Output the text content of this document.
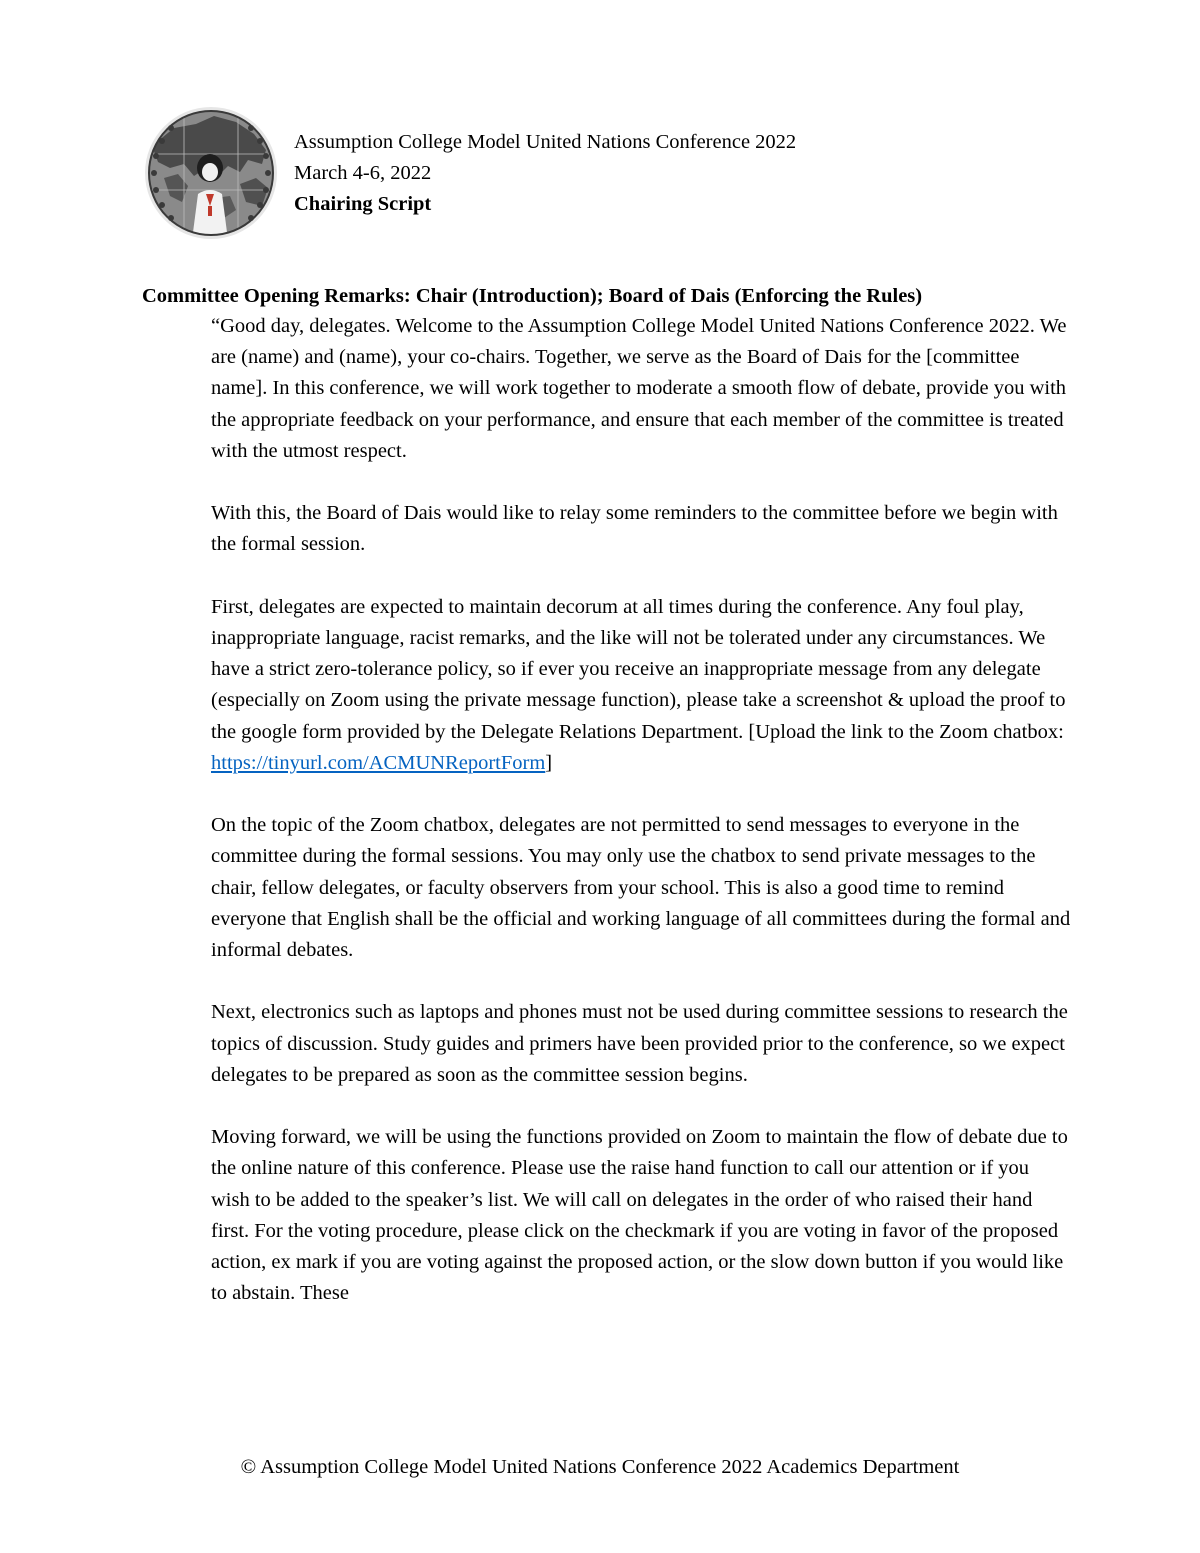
Assumption College Model United Nations Conference 2022
March 4-6, 2022
Chairing Script
Committee Opening Remarks: Chair (Introduction); Board of Dais (Enforcing the Rules)

“Good day, delegates. Welcome to the Assumption College Model United Nations Conference 2022. We are (name) and (name), your co-chairs. Together, we serve as the Board of Dais for the [committee name]. In this conference, we will work together to moderate a smooth flow of debate, provide you with the appropriate feedback on your performance, and ensure that each member of the committee is treated with the utmost respect.

With this, the Board of Dais would like to relay some reminders to the committee before we begin with the formal session.

First, delegates are expected to maintain decorum at all times during the conference. Any foul play, inappropriate language, racist remarks, and the like will not be tolerated under any circumstances. We have a strict zero-tolerance policy, so if ever you receive an inappropriate message from any delegate (especially on Zoom using the private message function), please take a screenshot & upload the proof to the google form provided by the Delegate Relations Department. [Upload the link to the Zoom chatbox: https://tinyurl.com/ACMUNReportForm]

On the topic of the Zoom chatbox, delegates are not permitted to send messages to everyone in the committee during the formal sessions. You may only use the chatbox to send private messages to the chair, fellow delegates, or faculty observers from your school. This is also a good time to remind everyone that English shall be the official and working language of all committees during the formal and informal debates.

Next, electronics such as laptops and phones must not be used during committee sessions to research the topics of discussion. Study guides and primers have been provided prior to the conference, so we expect delegates to be prepared as soon as the committee session begins.

Moving forward, we will be using the functions provided on Zoom to maintain the flow of debate due to the online nature of this conference. Please use the raise hand function to call our attention or if you wish to be added to the speaker’s list. We will call on delegates in the order of who raised their hand first. For the voting procedure, please click on the checkmark if you are voting in favor of the proposed action, ex mark if you are voting against the proposed action, or the slow down button if you would like to abstain. These

© Assumption College Model United Nations Conference 2022 Academics Department
